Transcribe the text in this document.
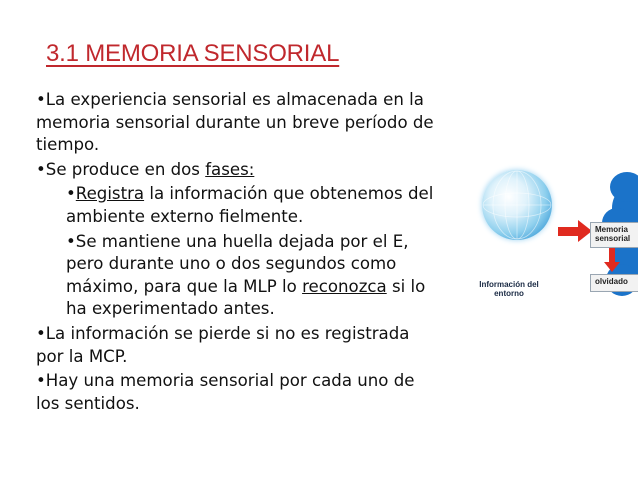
3.1 MEMORIA SENSORIAL

•La experiencia sensorial es almacenada en la memoria sensorial durante un breve período de tiempo.

•Se produce en dos fases:

•Registra la información que obtenemos del ambiente externo fielmente.

•Se mantiene una huella dejada por el E, pero durante uno o dos segundos como máximo, para que la MLP lo reconozca si lo ha experimentado antes.

•La información se pierde si no es registrada por la MCP.

•Hay una memoria sensorial por cada uno de los sentidos.

Información del entorno
Memoria sensorial
olvidado
